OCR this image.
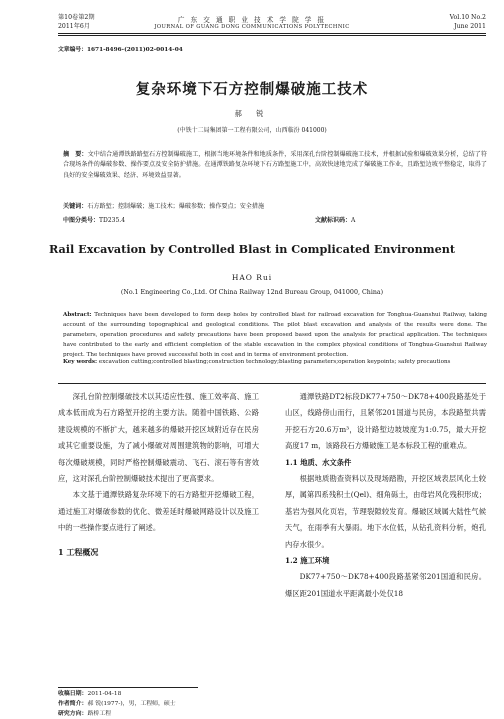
第10卷第2期
2011年6月
广 东 交 通 职 业 技 术 学 院 学 报
JOURNAL OF GUANG DONG COMMUNICATIONS POLYTECHNIC
Vol.10 No.2
June 2011
文章编号：1671-8496-(2011)02-0014-04
复杂环境下石方控制爆破施工技术
郝 锐
(中铁十二局集团第一工程有限公司，山西临汾 041000)
摘　要：文中结合通潭铁路路堑石方控制爆破施工，根据当地环境条件和地质条件，采用深孔台阶控制爆破施工技术，并根据试验和爆破效果分析，总结了符合现场条件的爆破参数、操作要点及安全防护措施。在通潭铁路复杂环境下石方路堑施工中，高效快速地完成了爆破施工作业，且路堑边坡平整稳定，取得了良好的安全爆破效果、经济、环境效益显著。
关键词：石方路堑；控制爆破；施工技术；爆破参数；操作要点；安全措施
中图分类号：TD235.4	文献标识码：A
Rail Excavation by Controlled Blast in Complicated Environment
HAO Rui
(No.1 Engineering Co.,Ltd. Of China Railway 12nd Bureau Group, 041000, China)
Abstract: Techniques have been developed to form deep holes by controlled blast for railroad excavation for Tonghua-Guanshui Railway, taking account of the surrounding topographical and geological conditions. The pilot blast excavation and analysis of the results were done. The parameters, operation procedures and safety precautions have been proposed based upon the analysis for practical application. The techniques have contributed to the early and efficient completion of the stable excavation in the complex physical conditions of Tonghua-Guanshui Railway project. The techniques have proved successful both in cost and in terms of environment protection.
Key words: excavation cutting;controlled blasting;construction technology;blasting parameters;operation keypoints; safety precautions
深孔台阶控制爆破技术以其适应性强、施工效率高、施工成本低而成为石方路堑开挖的主要方法。随着中国铁路、公路建设规模的不断扩大，越来越多的爆破开挖区域附近存在民房或其它重要设施，为了减小爆破对周围建筑物的影响，可增大每次爆破规模，同时严格控制爆破震动、飞石、滚石等有害效应，这对深孔台阶控制爆破技术提出了更高要求。
本文基于通潭铁路复杂环境下的石方路堑开挖爆破工程，通过施工对爆破参数的优化、微差延时爆破网路设计以及施工中的一些操作要点进行了阐述。
1 工程概况
通潭铁路DT2标段DK77+750～DK78+400段路基处于山区，线路傍山而行，且紧邻201国道与民房，本段路堑共需开挖石方20.6万m³，设计路堑边坡坡度为1:0.75，最大开挖高度17 m，该路段石方爆破施工是本标段工程的重难点。
1.1 地质、水文条件
根据地质勘查资料以及现场踏勘，开挖区域表层风化土较厚，属第四系残积土(Qel)、细角砾土，由母岩风化残积形成；基岩为强风化页岩，节理裂隙较发育。爆破区域属大陆性气候天气，在雨季有大暴雨。地下水位低，从钻孔资料分析，炮孔内存水很少。
1.2 施工环境
DK77+750～DK78+400段路基紧邻201国道和民房。爆区距201国道水平距离最小处仅18
收稿日期：2011-04-18
作者简介：郝 锐(1977-)，男，工程师，硕士
研究方向：路桥工程
